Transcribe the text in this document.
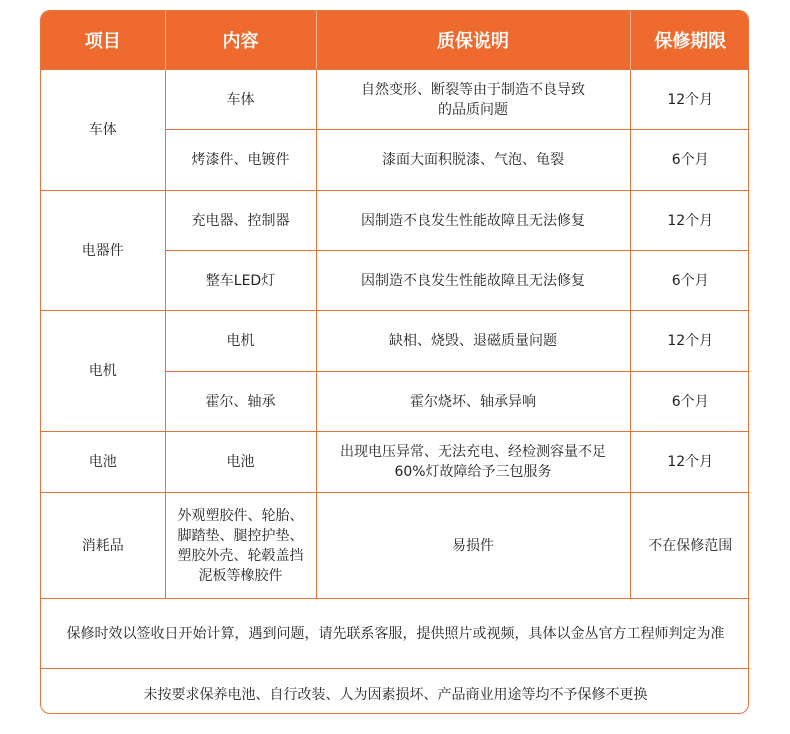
项目	内容	质保说明	保修期限
车体	车体	自然变形、断裂等由于制造不良导致的品质问题	12个月
	烤漆件、电镀件	漆面大面积脱漆、气泡、龟裂	6个月
电器件	充电器、控制器	因制造不良发生性能故障且无法修复	12个月
	整车LED灯	因制造不良发生性能故障且无法修复	6个月
电机	电机	缺相、烧毁、退磁质量问题	12个月
	霍尔、轴承	霍尔烧坏、轴承异响	6个月
电池	电池	出现电压异常、无法充电、经检测容量不足60%灯故障给予三包服务	12个月
消耗品	外观塑胶件、轮胎、脚踏垫、腿控护垫、塑胶外壳、轮毂盖挡泥板等橡胶件	易损件	不在保修范围
保修时效以签收日开始计算，遇到问题，请先联系客服，提供照片或视频，具体以金丛官方工程师判定为准			
未按要求保养电池、自行改装、人为因素损坏、产品商业用途等均不予保修不更换			
